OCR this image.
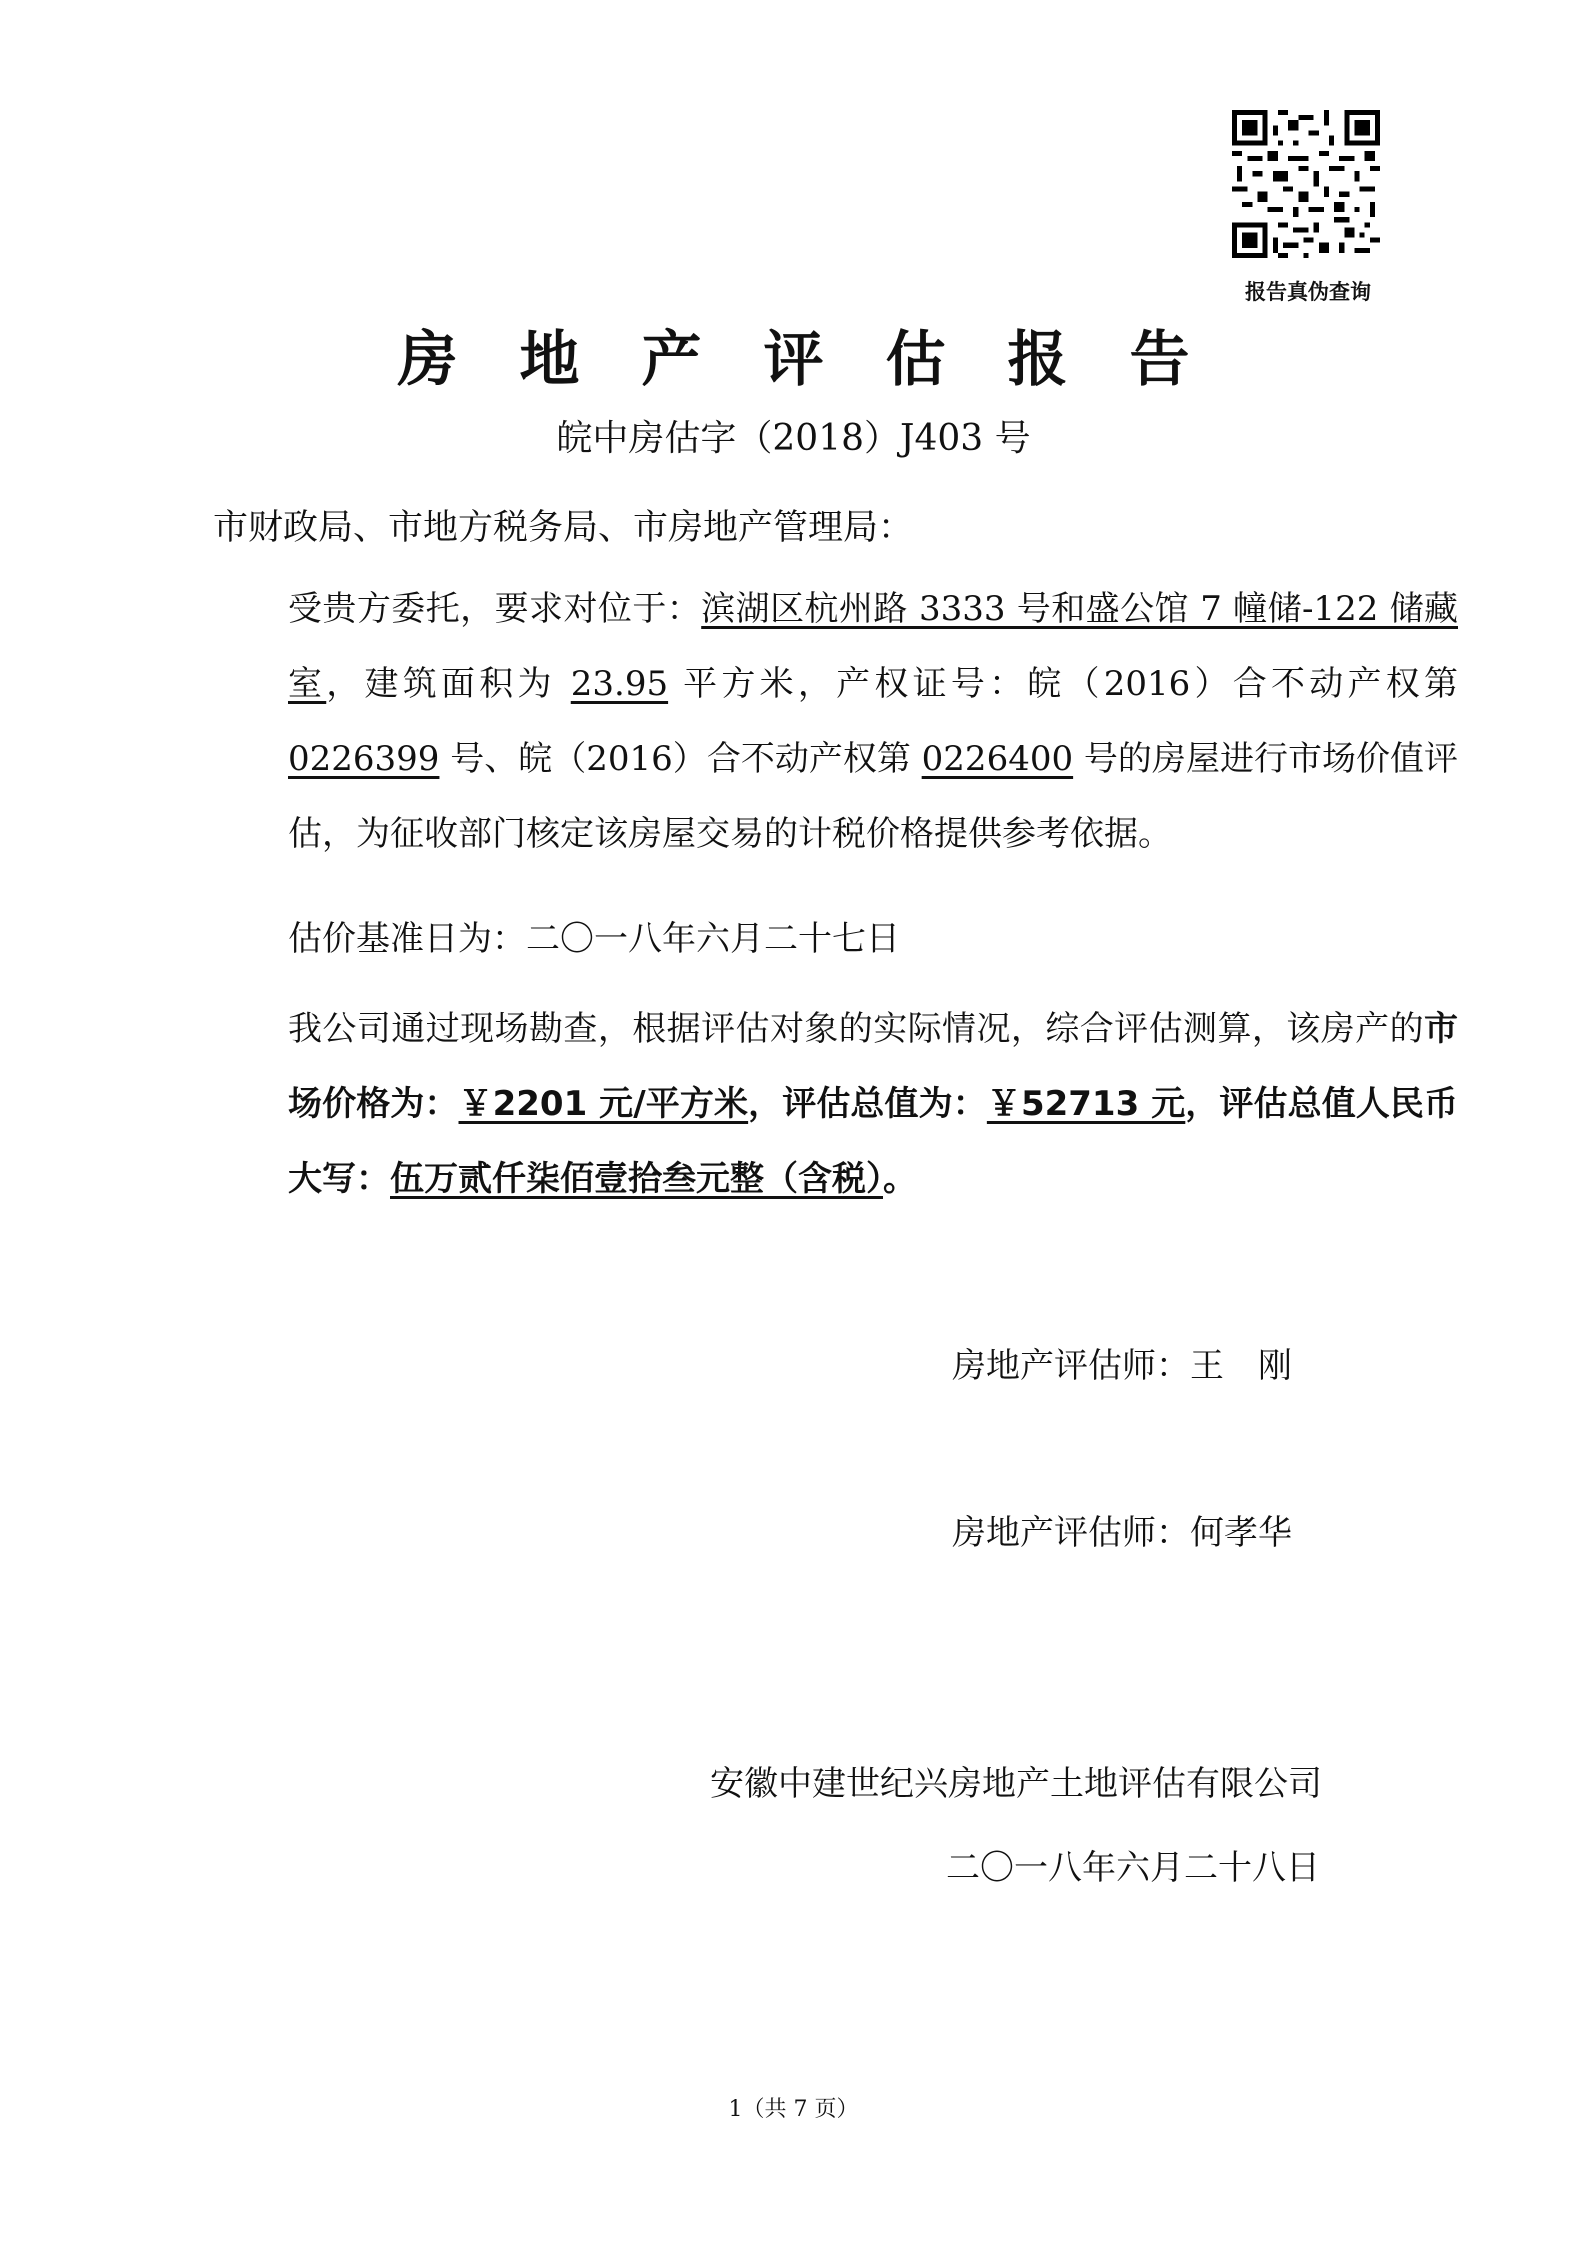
报告真伪查询
房地产评估报告
皖中房估字（2018）J403 号
市财政局、市地方税务局、市房地产管理局：
受贵方委托，要求对位于：滨湖区杭州路 3333 号和盛公馆 7 幢储-122 储藏室，建筑面积为 23.95 平方米，产权证号：皖（2016）合不动产权第 0226399 号、皖（2016）合不动产权第 0226400 号的房屋进行市场价值评估，为征收部门核定该房屋交易的计税价格提供参考依据。
估价基准日为：二〇一八年六月二十七日
我公司通过现场勘查，根据评估对象的实际情况，综合评估测算，该房产的市场价格为：￥2201 元/平方米，评估总值为：￥52713 元，评估总值人民币大写：伍万贰仟柒佰壹拾叁元整（含税）。
房地产评估师：王　刚
房地产评估师：何孝华
安徽中建世纪兴房地产土地评估有限公司
二〇一八年六月二十八日
1（共 7 页）
